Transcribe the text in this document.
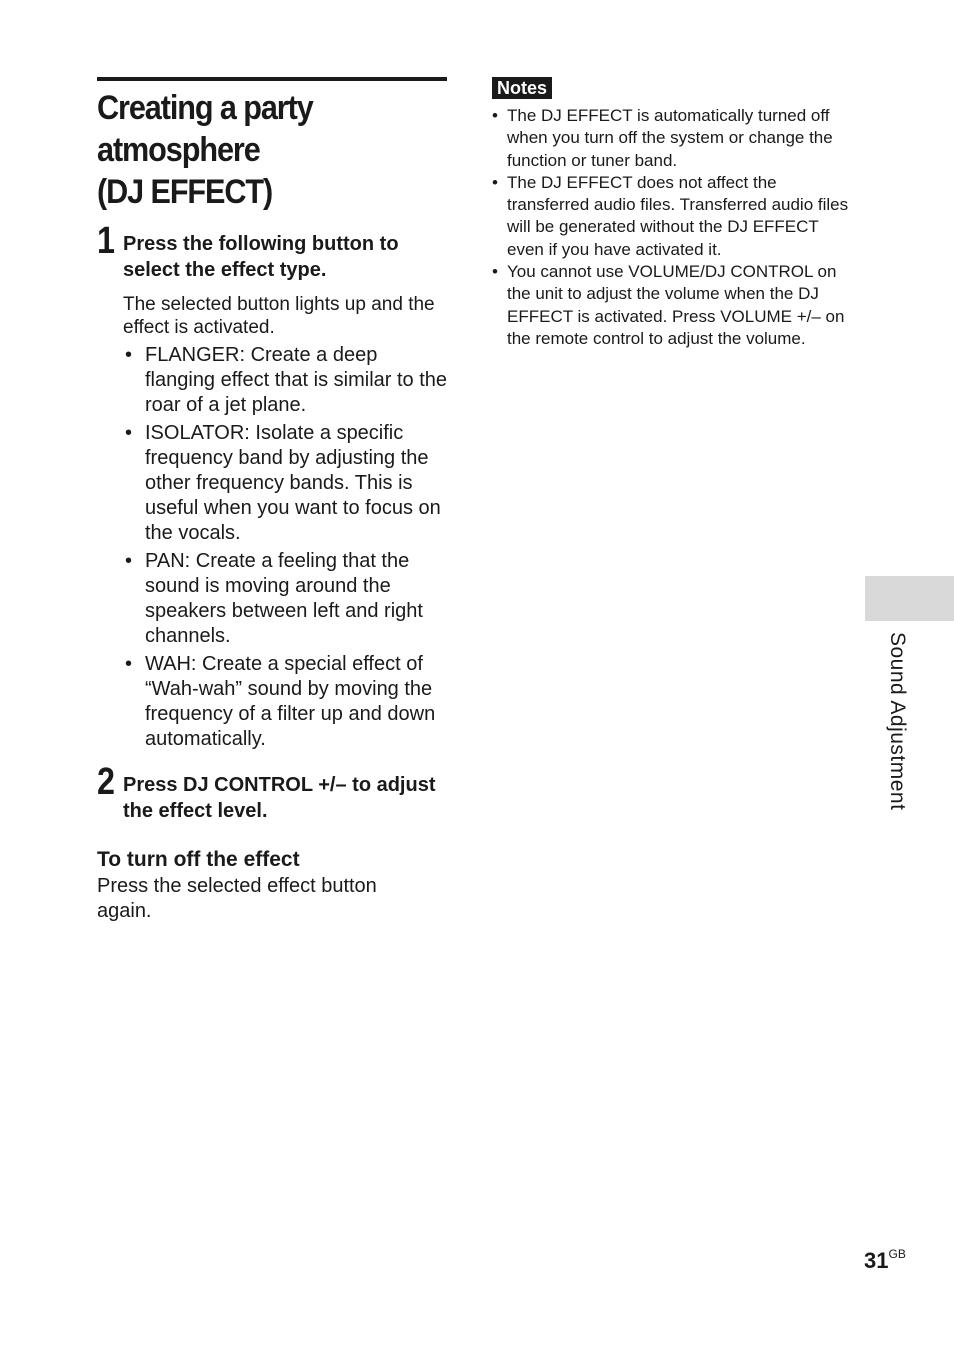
Creating a party
atmosphere
(DJ EFFECT)
1 Press the following button to select the effect type.
The selected button lights up and the effect is activated.
• FLANGER: Create a deep flanging effect that is similar to the roar of a jet plane.
• ISOLATOR: Isolate a specific frequency band by adjusting the other frequency bands. This is useful when you want to focus on the vocals.
• PAN: Create a feeling that the sound is moving around the speakers between left and right channels.
• WAH: Create a special effect of “Wah-wah” sound by moving the frequency of a filter up and down automatically.
2 Press DJ CONTROL +/– to adjust the effect level.
To turn off the effect
Press the selected effect button again.
Notes
• The DJ EFFECT is automatically turned off when you turn off the system or change the function or tuner band.
• The DJ EFFECT does not affect the transferred audio files. Transferred audio files will be generated without the DJ EFFECT even if you have activated it.
• You cannot use VOLUME/DJ CONTROL on the unit to adjust the volume when the DJ EFFECT is activated. Press VOLUME +/– on the remote control to adjust the volume.
Sound Adjustment
$31^{GB}$
